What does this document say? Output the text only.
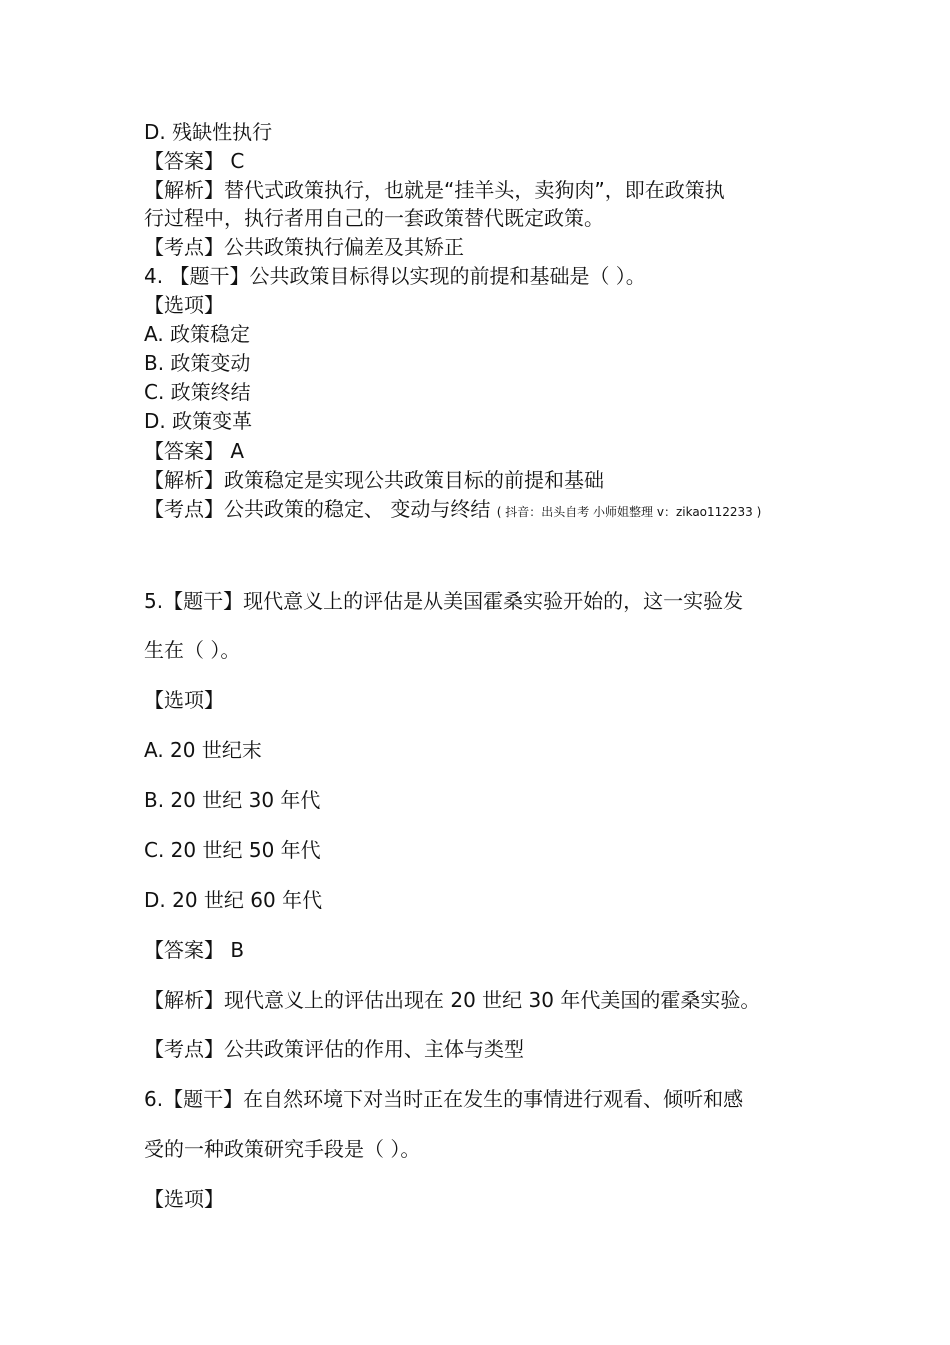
D. 残缺性执行
【答案】 C
【解析】替代式政策执行，也就是“挂羊头，卖狗肉”，即在政策执
行过程中，执行者用自己的一套政策替代既定政策。
【考点】公共政策执行偏差及其矫正
4. 【题干】公共政策目标得以实现的前提和基础是（ ）。
【选项】
A. 政策稳定
B. 政策变动
C. 政策终结
D. 政策变革
【答案】 A
【解析】政策稳定是实现公共政策目标的前提和基础
【考点】公共政策的稳定、 变动与终结 ( 抖音：出头自考 小师姐整理 v：zikao112233 )
5.【题干】现代意义上的评估是从美国霍桑实验开始的，这一实验发
生在（ ）。
【选项】
A. 20 世纪末
B. 20 世纪 30 年代
C. 20 世纪 50 年代
D. 20 世纪 60 年代
【答案】 B
【解析】现代意义上的评估出现在 20 世纪 30 年代美国的霍桑实验。
【考点】公共政策评估的作用、主体与类型
6.【题干】在自然环境下对当时正在发生的事情进行观看、倾听和感
受的一种政策研究手段是（ ）。
【选项】
